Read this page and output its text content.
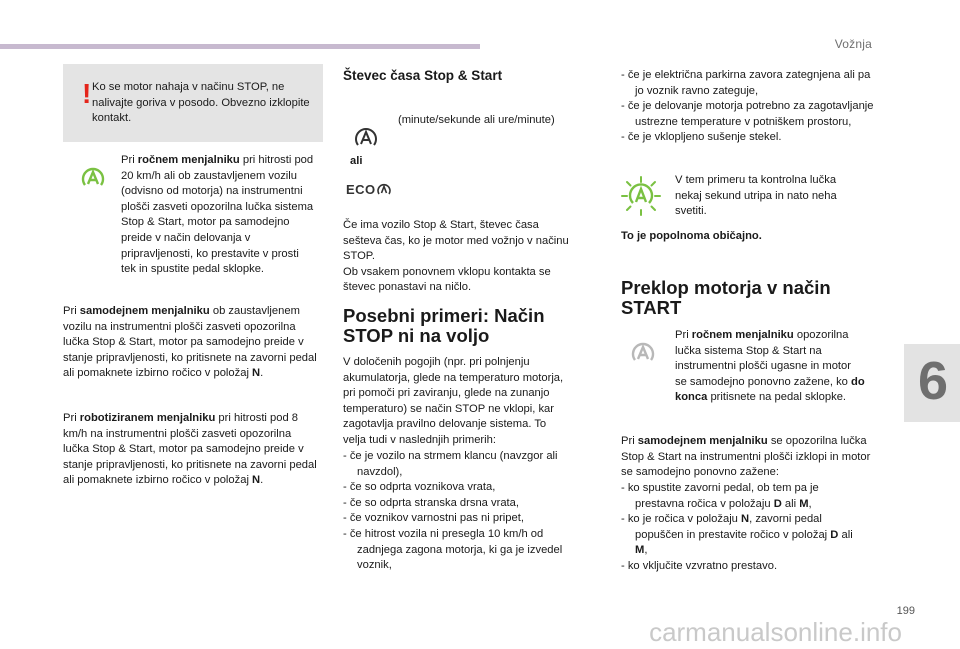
Vožnja
6
! Ko se motor nahaja v načinu STOP, ne nalivajte goriva v posodo. Obvezno izklopite kontakt.
Pri ročnem menjalniku pri hitrosti pod 20 km/h ali ob zaustavljenem vozilu (odvisno od motorja) na instrumentni plošči zasveti opozorilna lučka sistema Stop & Start, motor pa samodejno preide v način delovanja v pripravljenosti, ko prestavite v prosti tek in spustite pedal sklopke.
Pri samodejnem menjalniku ob zaustavljenem vozilu na instrumentni plošči zasveti opozorilna lučka Stop & Start, motor pa samodejno preide v stanje pripravljenosti, ko pritisnete na zavorni pedal ali pomaknete izbirno ročico v položaj N.
Pri robotiziranem menjalniku pri hitrosti pod 8 km/h na instrumentni plošči zasveti opozorilna lučka Stop & Start, motor pa samodejno preide v stanje pripravljenosti, ko pritisnete na zavorni pedal ali pomaknete izbirno ročico v položaj N.
Števec časa Stop & Start
(minute/sekunde ali ure/minute)
ali
ECO
Če ima vozilo Stop & Start, števec časa sešteva čas, ko je motor med vožnjo v načinu STOP.
Ob vsakem ponovnem vklopu kontakta se števec ponastavi na ničlo.
Posebni primeri: Način
STOP ni na voljo
V določenih pogojih (npr. pri polnjenju akumulatorja, glede na temperaturo motorja, pri pomoči pri zaviranju, glede na zunanjo temperaturo) se način STOP ne vklopi, kar zagotavlja pravilno delovanje sistema. To velja tudi v naslednjih primerih:
- če je vozilo na strmem klancu (navzgor ali navzdol),
- če so odprta voznikova vrata,
- če so odprta stranska drsna vrata,
- če voznikov varnostni pas ni pripet,
- če hitrost vozila ni presegla 10 km/h od zadnjega zagona motorja, ki ga je izvedel voznik,
- če je električna parkirna zavora zategnjena ali pa jo voznik ravno zateguje,
- če je delovanje motorja potrebno za zagotavljanje ustrezne temperature v potniškem prostoru,
- če je vklopljeno sušenje stekel.
V tem primeru ta kontrolna lučka nekaj sekund utripa in nato neha svetiti.
To je popolnoma običajno.
Preklop motorja v način
START
Pri ročnem menjalniku opozorilna lučka sistema Stop & Start na instrumentni plošči ugasne in motor se samodejno ponovno zažene, ko do konca pritisnete na pedal sklopke.
Pri samodejnem menjalniku se opozorilna lučka Stop & Start na instrumentni plošči izklopi in motor se samodejno ponovno zažene:
- ko spustite zavorni pedal, ob tem pa je prestavna ročica v položaju D ali M,
- ko je ročica v položaju N, zavorni pedal popuščen in prestavite ročico v položaj D ali M,
- ko vključite vzvratno prestavo.
199
carmanualsonline.info
